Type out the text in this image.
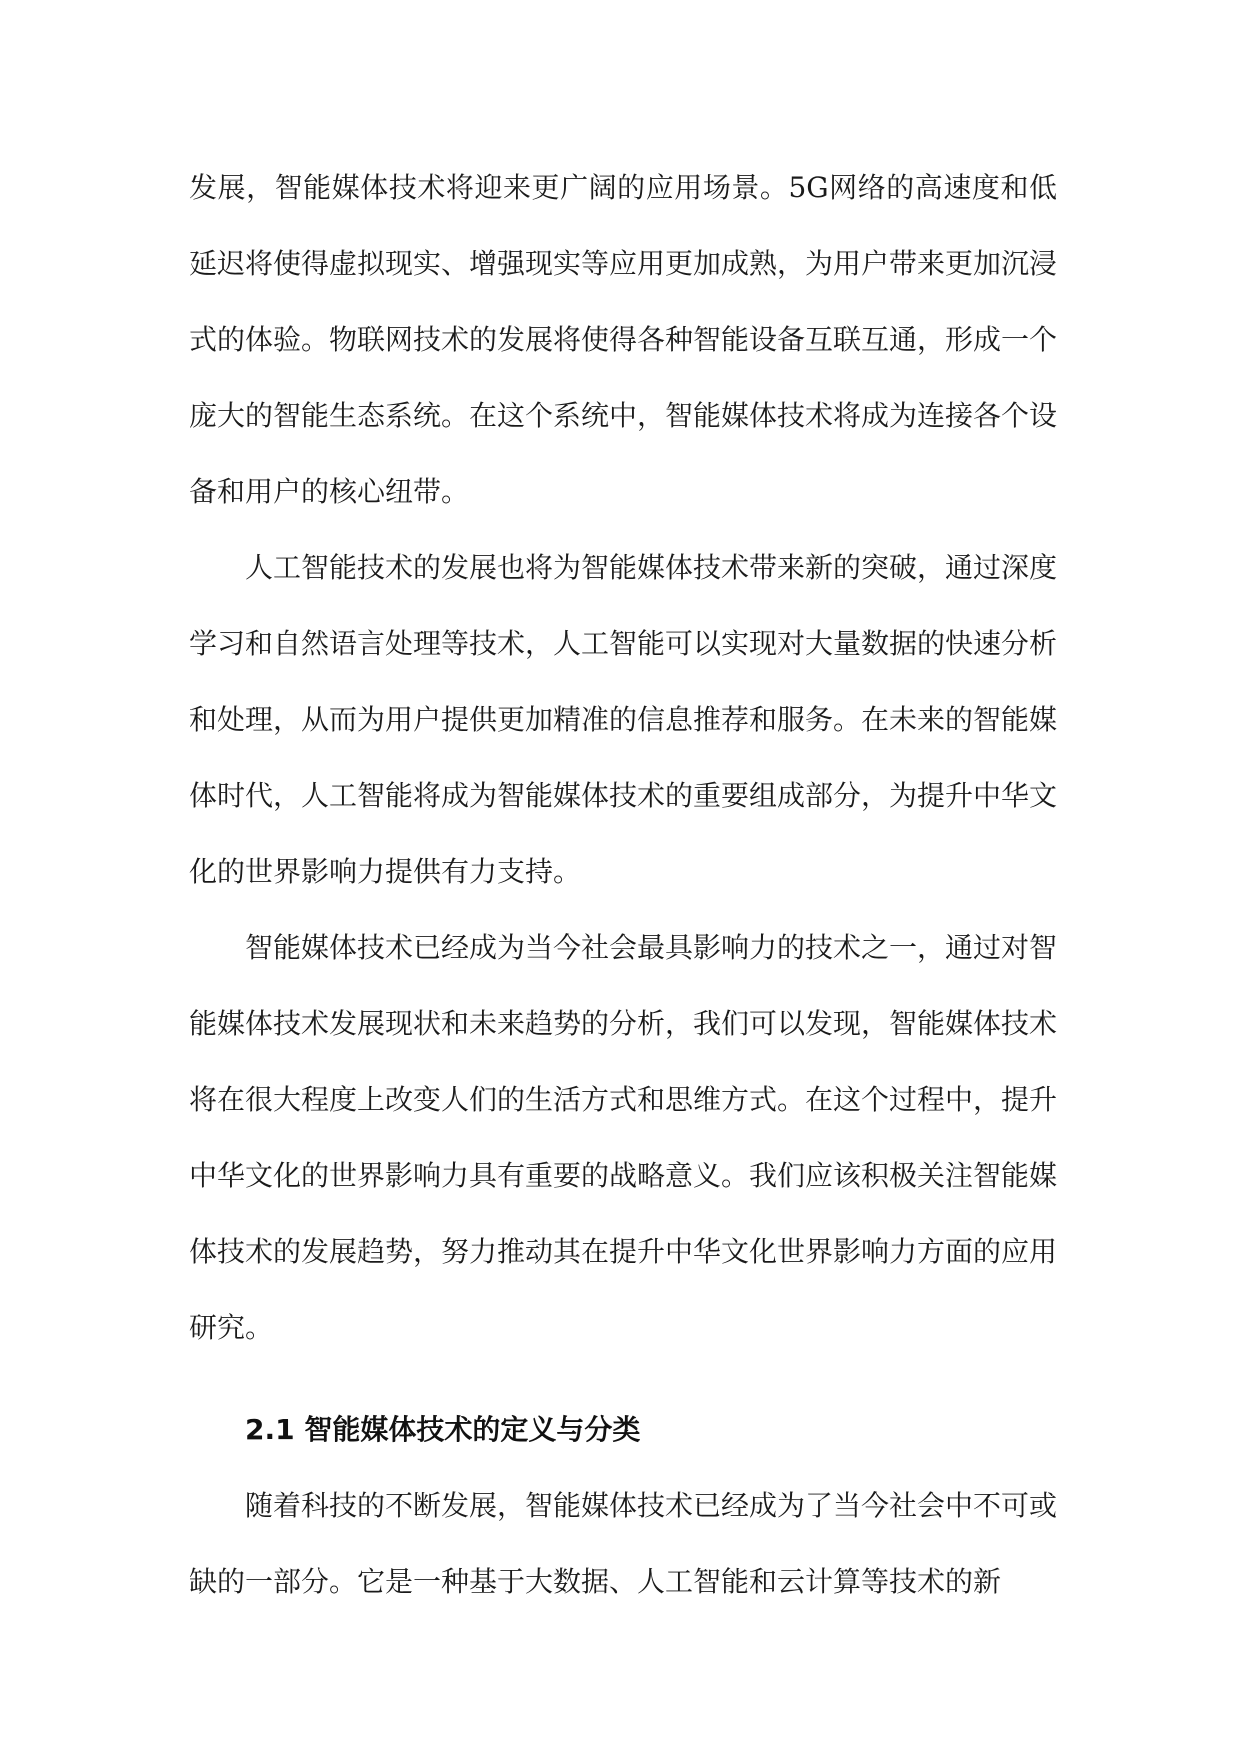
发展，智能媒体技术将迎来更广阔的应用场景。5G网络的高速度和低延迟将使得虚拟现实、增强现实等应用更加成熟，为用户带来更加沉浸式的体验。物联网技术的发展将使得各种智能设备互联互通，形成一个庞大的智能生态系统。在这个系统中，智能媒体技术将成为连接各个设备和用户的核心纽带。

人工智能技术的发展也将为智能媒体技术带来新的突破，通过深度学习和自然语言处理等技术，人工智能可以实现对大量数据的快速分析和处理，从而为用户提供更加精准的信息推荐和服务。在未来的智能媒体时代，人工智能将成为智能媒体技术的重要组成部分，为提升中华文化的世界影响力提供有力支持。

智能媒体技术已经成为当今社会最具影响力的技术之一，通过对智能媒体技术发展现状和未来趋势的分析，我们可以发现，智能媒体技术将在很大程度上改变人们的生活方式和思维方式。在这个过程中，提升中华文化的世界影响力具有重要的战略意义。我们应该积极关注智能媒体技术的发展趋势，努力推动其在提升中华文化世界影响力方面的应用研究。

2.1 智能媒体技术的定义与分类

随着科技的不断发展，智能媒体技术已经成为了当今社会中不可或缺的一部分。它是一种基于大数据、人工智能和云计算等技术的新
